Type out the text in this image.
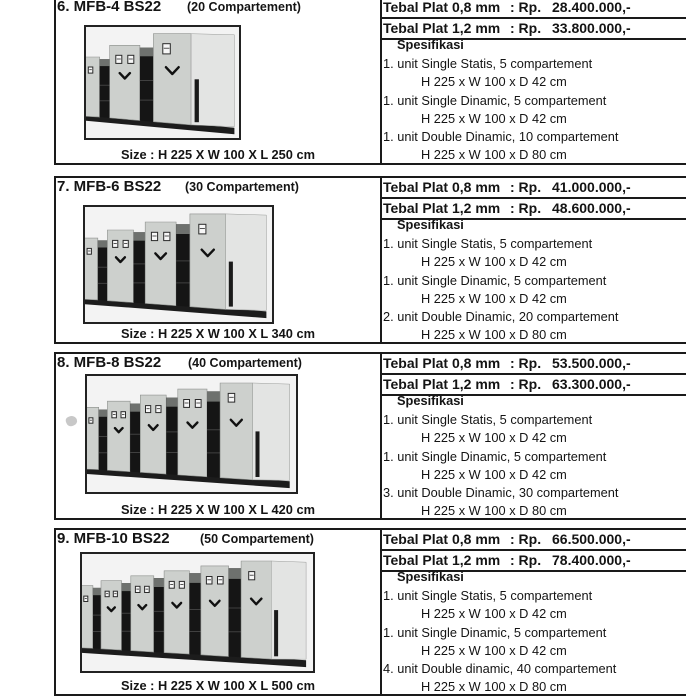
6. MFB-4 BS22 (20 Compartement)
Size : H 225 X W 100 X L 250 cm
Tebal Plat 0,8 mm : Rp. 28.400.000,-
Tebal Plat 1,2 mm : Rp. 33.800.000,-
Spesifikasi
1. unit Single Statis, 5 compartement
H 225 x W 100 x D 42 cm
1. unit Single Dinamic, 5 compartement
H 225 x W 100 x D 42 cm
1. unit Double Dinamic, 10 compartement
H 225 x W 100 x D 80 cm
7. MFB-6 BS22 (30 Compartement)
Size : H 225 X W 100 X L 340 cm
Tebal Plat 0,8 mm : Rp. 41.000.000,-
Tebal Plat 1,2 mm : Rp. 48.600.000,-
Spesifikasi
1. unit Single Statis, 5 compartement
H 225 x W 100 x D 42 cm
1. unit Single Dinamic, 5 compartement
H 225 x W 100 x D 42 cm
2. unit Double Dinamic, 20 compartement
H 225 x W 100 x D 80 cm
8. MFB-8 BS22 (40 Compartement)
Size : H 225 X W 100 X L 420 cm
Tebal Plat 0,8 mm : Rp. 53.500.000,-
Tebal Plat 1,2 mm : Rp. 63.300.000,-
Spesifikasi
1. unit Single Statis, 5 compartement
H 225 x W 100 x D 42 cm
1. unit Single Dinamic, 5 compartement
H 225 x W 100 x D 42 cm
3. unit Double Dinamic, 30 compartement
H 225 x W 100 x D 80 cm
9. MFB-10 BS22 (50 Compartement)
Size : H 225 X W 100 X L 500 cm
Tebal Plat 0,8 mm : Rp. 66.500.000,-
Tebal Plat 1,2 mm : Rp. 78.400.000,-
Spesifikasi
1. unit Single Statis, 5 compartement
H 225 x W 100 x D 42 cm
1. unit Single Dinamic, 5 compartement
H 225 x W 100 x D 42 cm
4. unit Double dinamic, 40 compartement
H 225 x W 100 x D 80 cm
